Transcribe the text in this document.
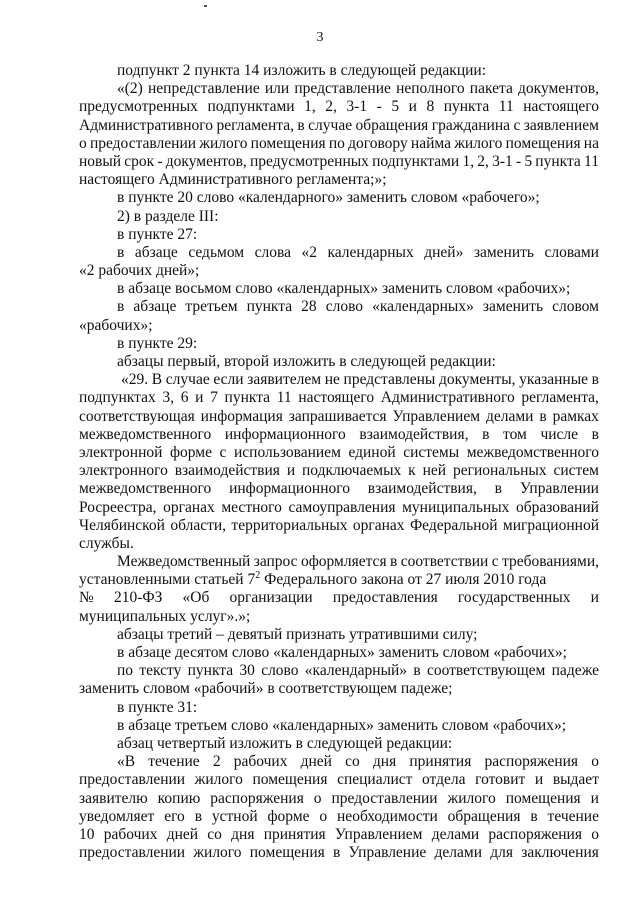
3
подпункт 2 пункта 14 изложить в следующей редакции:
«(2) непредставление или представление неполного пакета документов,
предусмотренных подпунктами 1, 2, 3-1 - 5 и 8 пункта 11 настоящего
Административного регламента, в случае обращения гражданина с заявлением
о предоставлении жилого помещения по договору найма жилого помещения на
новый срок - документов, предусмотренных подпунктами 1, 2, 3-1 - 5 пункта 11
настоящего Административного регламента;»;
в пункте 20 слово «календарного» заменить словом «рабочего»;
2) в разделе III:
в пункте 27:
в абзаце седьмом слова «2 календарных дней» заменить словами
«2 рабочих дней»;
в абзаце восьмом слово «календарных» заменить словом «рабочих»;
в абзаце третьем пункта 28 слово «календарных» заменить словом
«рабочих»;
в пункте 29:
абзацы первый, второй изложить в следующей редакции:
«29. В случае если заявителем не представлены документы, указанные в
подпунктах 3, 6 и 7 пункта 11 настоящего Административного регламента,
соответствующая информация запрашивается Управлением делами в рамках
межведомственного информационного взаимодействия, в том числе в
электронной форме с использованием единой системы межведомственного
электронного взаимодействия и подключаемых к ней региональных систем
межведомственного информационного взаимодействия, в Управлении
Росреестра, органах местного самоуправления муниципальных образований
Челябинской области, территориальных органах Федеральной миграционной
службы.
Межведомственный запрос оформляется в соответствии с требованиями,
установленными статьей $7^2$ Федерального закона от 27 июля 2010 года
№ 210-ФЗ «Об организации предоставления государственных и
муниципальных услуг».»;
абзацы третий – девятый признать утратившими силу;
в абзаце десятом слово «календарных» заменить словом «рабочих»;
по тексту пункта 30 слово «календарный» в соответствующем падеже
заменить словом «рабочий» в соответствующем падеже;
в пункте 31:
в абзаце третьем слово «календарных» заменить словом «рабочих»;
абзац четвертый изложить в следующей редакции:
«В течение 2 рабочих дней со дня принятия распоряжения о
предоставлении жилого помещения специалист отдела готовит и выдает
заявителю копию распоряжения о предоставлении жилого помещения и
уведомляет его в устной форме о необходимости обращения в течение
10 рабочих дней со дня принятия Управлением делами распоряжения о
предоставлении жилого помещения в Управление делами для заключения
